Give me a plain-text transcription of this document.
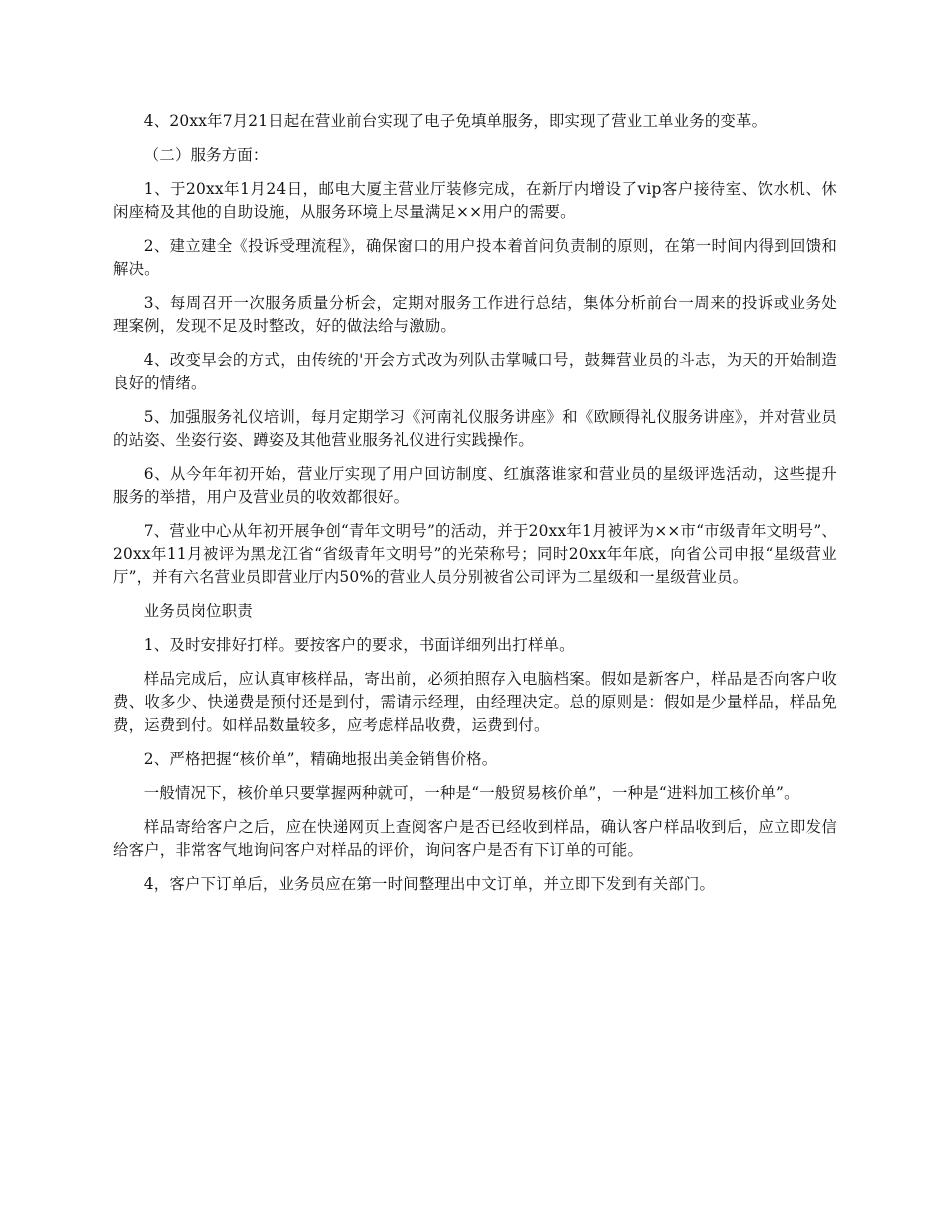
4、20xx年7月21日起在营业前台实现了电子免填单服务，即实现了营业工单业务的变革。

（二）服务方面：

1、于20xx年1月24日，邮电大厦主营业厅装修完成，在新厅内增设了vip客户接待室、饮水机、休闲座椅及其他的自助设施，从服务环境上尽量满足××用户的需要。

2、建立建全《投诉受理流程》，确保窗口的用户投本着首问负责制的原则，在第一时间内得到回馈和解决。

3、每周召开一次服务质量分析会，定期对服务工作进行总结，集体分析前台一周来的投诉或业务处理案例，发现不足及时整改，好的做法给与激励。

4、改变早会的方式，由传统的'开会方式改为列队击掌喊口号，鼓舞营业员的斗志，为天的开始制造良好的情绪。

5、加强服务礼仪培训，每月定期学习《河南礼仪服务讲座》和《欧顾得礼仪服务讲座》，并对营业员的站姿、坐姿行姿、蹲姿及其他营业服务礼仪进行实践操作。

6、从今年年初开始，营业厅实现了用户回访制度、红旗落谁家和营业员的星级评选活动，这些提升服务的举措，用户及营业员的收效都很好。

7、营业中心从年初开展争创“青年文明号”的活动，并于20xx年1月被评为××市“市级青年文明号”、20xx年11月被评为黑龙江省“省级青年文明号”的光荣称号；同时20xx年年底，向省公司申报“星级营业厅”，并有六名营业员即营业厅内50%的营业人员分别被省公司评为二星级和一星级营业员。

业务员岗位职责

1、及时安排好打样。要按客户的要求，书面详细列出打样单。

样品完成后，应认真审核样品，寄出前，必须拍照存入电脑档案。假如是新客户，样品是否向客户收费、收多少、快递费是预付还是到付，需请示经理，由经理决定。总的原则是：假如是少量样品，样品免费，运费到付。如样品数量较多，应考虑样品收费，运费到付。

2、严格把握“核价单”，精确地报出美金销售价格。

一般情况下，核价单只要掌握两种就可，一种是“一般贸易核价单”，一种是“进料加工核价单”。

样品寄给客户之后，应在快递网页上查阅客户是否已经收到样品，确认客户样品收到后，应立即发信给客户，非常客气地询问客户对样品的评价，询问客户是否有下订单的可能。

4，客户下订单后，业务员应在第一时间整理出中文订单，并立即下发到有关部门。
